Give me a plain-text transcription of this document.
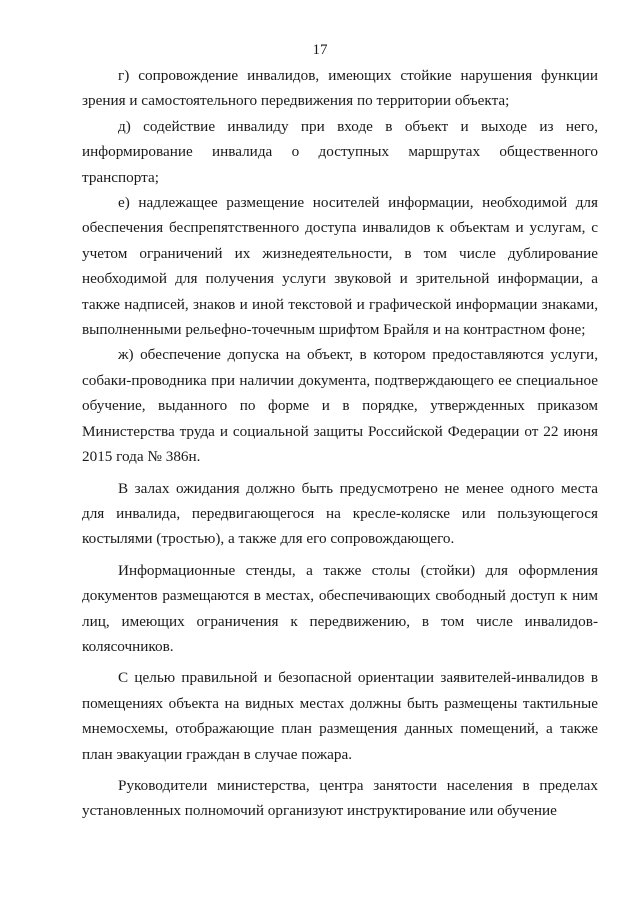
17

г) сопровождение инвалидов, имеющих стойкие нарушения функции зрения и самостоятельного передвижения по территории объекта;

д) содействие инвалиду при входе в объект и выходе из него, информирование инвалида о доступных маршрутах общественного транспорта;

е) надлежащее размещение носителей информации, необходимой для обеспечения беспрепятственного доступа инвалидов к объектам и услугам, с учетом ограничений их жизнедеятельности, в том числе дублирование необходимой для получения услуги звуковой и зрительной информации, а также надписей, знаков и иной текстовой и графической информации знаками, выполненными рельефно-точечным шрифтом Брайля и на контрастном фоне;

ж) обеспечение допуска на объект, в котором предоставляются услуги, собаки-проводника при наличии документа, подтверждающего ее специальное обучение, выданного по форме и в порядке, утвержденных приказом Министерства труда и социальной защиты Российской Федерации от 22 июня 2015 года № 386н.

В залах ожидания должно быть предусмотрено не менее одного места для инвалида, передвигающегося на кресле-коляске или пользующегося костылями (тростью), а также для его сопровождающего.

Информационные стенды, а также столы (стойки) для оформления документов размещаются в местах, обеспечивающих свободный доступ к ним лиц, имеющих ограничения к передвижению, в том числе инвалидов-колясочников.

С целью правильной и безопасной ориентации заявителей-инвалидов в помещениях объекта на видных местах должны быть размещены тактильные мнемосхемы, отображающие план размещения данных помещений, а также план эвакуации граждан в случае пожара.

Руководители министерства, центра занятости населения в пределах установленных полномочий организуют инструктирование или обучение
